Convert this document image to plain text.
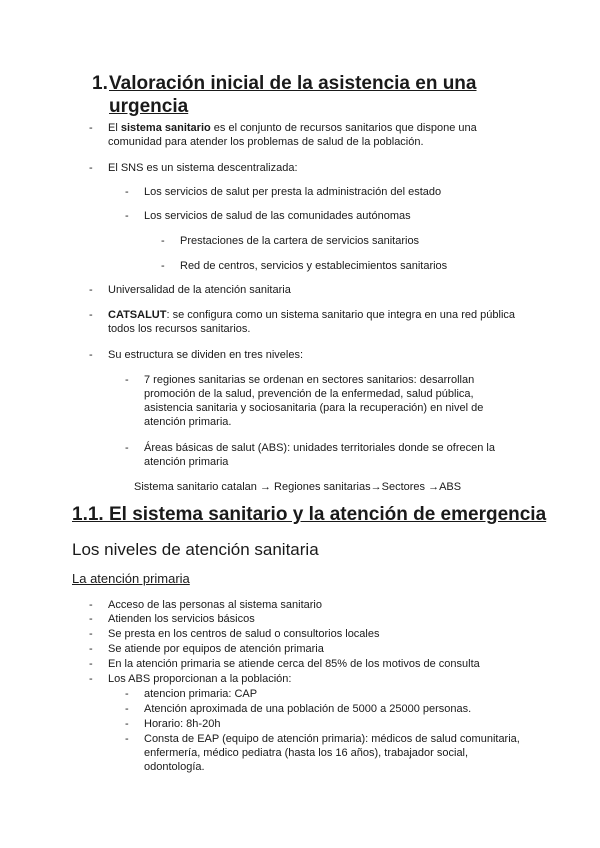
1. Valoración inicial de la asistencia en una urgencia
- El sistema sanitario es el conjunto de recursos sanitarios que dispone una comunidad para atender los problemas de salud de la población.
- El SNS es un sistema descentralizada:
- Los servicios de salut per presta la administración del estado
- Los servicios de salud de las comunidades autónomas
- Prestaciones de la cartera de servicios sanitarios
- Red de centros, servicios y establecimientos sanitarios
- Universalidad de la atención sanitaria
- CATSALUT: se configura como un sistema sanitario que integra en una red pública todos los recursos sanitarios.
- Su estructura se dividen en tres niveles:
- 7 regiones sanitarias se ordenan en sectores sanitarios: desarrollan promoción de la salud, prevención de la enfermedad, salud pública, asistencia sanitaria y sociosanitaria (para la recuperación) en nivel de atención primaria.
- Áreas básicas de salut (ABS): unidades territoriales donde se ofrecen la atención primaria
Sistema sanitario catalan → Regiones sanitarias→Sectores →ABS
1.1. El sistema sanitario y la atención de emergencia
Los niveles de atención sanitaria
La atención primaria
- Acceso de las personas al sistema sanitario
- Atienden los servicios básicos
- Se presta en los centros de salud o consultorios locales
- Se atiende por equipos de atención primaria
- En la atención primaria se atiende cerca del 85% de los motivos de consulta
- Los ABS proporcionan a la población:
- atencion primaria: CAP
- Atención aproximada de una población de 5000 a 25000 personas.
- Horario: 8h-20h
- Consta de EAP (equipo de atención primaria): médicos de salud comunitaria, enfermería, médico pediatra (hasta los 16 años), trabajador social, odontología.
